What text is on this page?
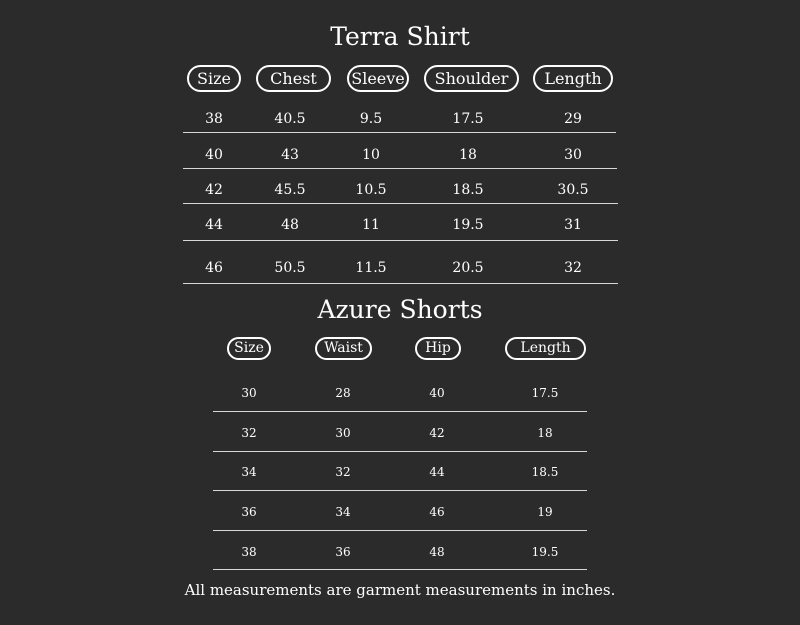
Terra Shirt
Size	Chest	Sleeve	Shoulder	Length
38	40.5	9.5	17.5	29
40	43	10	18	30
42	45.5	10.5	18.5	30.5
44	48	11	19.5	31
46	50.5	11.5	20.5	32
Azure Shorts
Size	Waist	Hip	Length
30	28	40	17.5
32	30	42	18
34	32	44	18.5
36	34	46	19
38	36	48	19.5
All measurements are garment measurements in inches.
